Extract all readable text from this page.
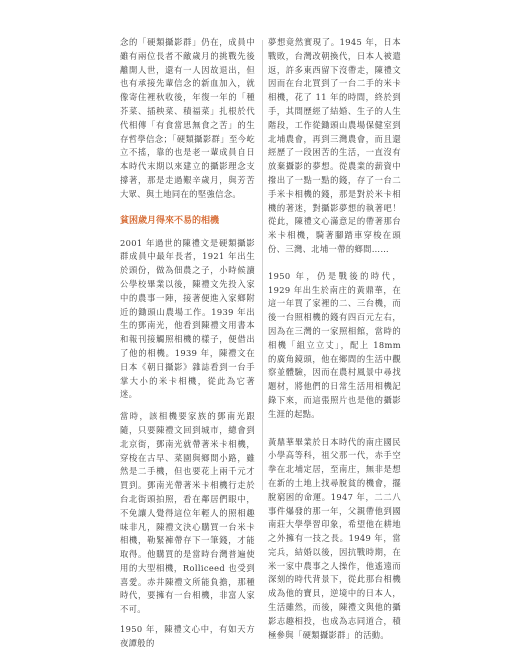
念的「硬類攝影群」仍在，成員中雖有兩位長者不敵歲月的挑戰先後離開人世，還有一人因故退出，但也有承接先輩信念的新血加入，就像寄住裡秋收後，年復一年的「種芥菜、插秧菜、積福菜」扎根於代代相傳「有食當思無食之苦」的生存哲學信念；「硬類攝影群」至今屹立不搖，靠的也是老一輩成員自日本時代末期以來建立的攝影理念支撐著，那是走過艱辛歲月，與芳苦大眾、與土地同在的堅強信念。

貧困歲月得來不易的相機

2001 年過世的陳禮文是硬類攝影群成員中最年長者，1921 年出生於頭份，做為佃農之子，小時候讀公學校畢業以後，陳禮文先投入家中的農事一陣，接著便進入家鄉附近的鋤頭山農場工作。1939 年出生的鄧南光，他看到陳禮文用書本和報刊接觸照相機的樣子，便借出了他的相機。1939 年，陳禮文在日本《朝日攝影》雜誌看到一台手掌大小的米卡相機，從此為它著迷。

當時，該相機要家族的鄧南光跟隨，只要陳禮文回到城市，總會到北京街，鄧南光就帶著米卡相機，穿梭在古早、菜園與鄉間小路，雖然是二手機，但也要花上兩千元才買到。鄧南光帶著米卡相機行走於台北街頭拍照，看在鄰居們眼中，不免讓人覺得這位年輕人的照相趣味非凡，陳禮文決心購買一台米卡相機，勒緊褲帶存下一筆錢，才能取得。他購買的是當時台灣普遍使用的大型相機，Rolliceed 也受到喜愛。赤井陳禮文所能負擔，那種時代，要擁有一台相機，非富人家不可。

1950 年，陳禮文心中，有如天方夜譚般的

夢想竟然實現了。1945 年，日本戰敗，台灣改朝換代，日本人被遣返，許多東西留下沒帶走，陳禮文因而在台北買到了一台二手的米卡相機，花了 11 年的時間，終於到手，其間歷經了結婚、生子的人生階段，工作從鋤頭山農場保健室到北埔農會，再到三灣農會，而且還經歷了一段困苦的生活，一直沒有放棄攝影的夢想。從農業的薪資中撥出了一點一點的錢，存了一台二手米卡相機的錢，那是對於米卡相機的著迷，對攝影夢想的執著吧！從此，陳禮文心滿意足的帶著那台米卡相機，騎著腳踏車穿梭在頭份、三灣、北埔一帶的鄉間……

1950 年，仍是戰後的時代，1929 年出生於南庄的黃鼎華，在這一年買了家裡的二、三台機，而後一台照相機的錢有四百元左右，因為在三灣的一家照相館，當時的相機「組立立丈」，配上 18mm 的廣角鏡頭，他在鄉間的生活中觀察並體驗，因而在農村風景中尋找題材，將他們的日常生活用相機記錄下來，而這張照片也是他的攝影生涯的起點。

黃鼎華畢業於日本時代的南庄國民小學高等科，祖父那一代，赤手空拳在北埔定居，至南庄，無非是想在新的土地上找尋脫貧的機會，擺脫窮困的命運。1947 年，二二八事件爆發的那一年，父親帶他到國南莊大學學習印象，希望他在耕地之外擁有一技之長。1949 年，當完兵，結婚以後，因抗戰時期，在米一家中農事之人操作，他遙遠而深刻的時代背景下，從此那台相機成為他的寶貝，逆境中的日本人，生活雖然，而後，陳禮文與他的攝影志趣相投，也成為志同道合，積極參與「硬類攝影群」的活動。
